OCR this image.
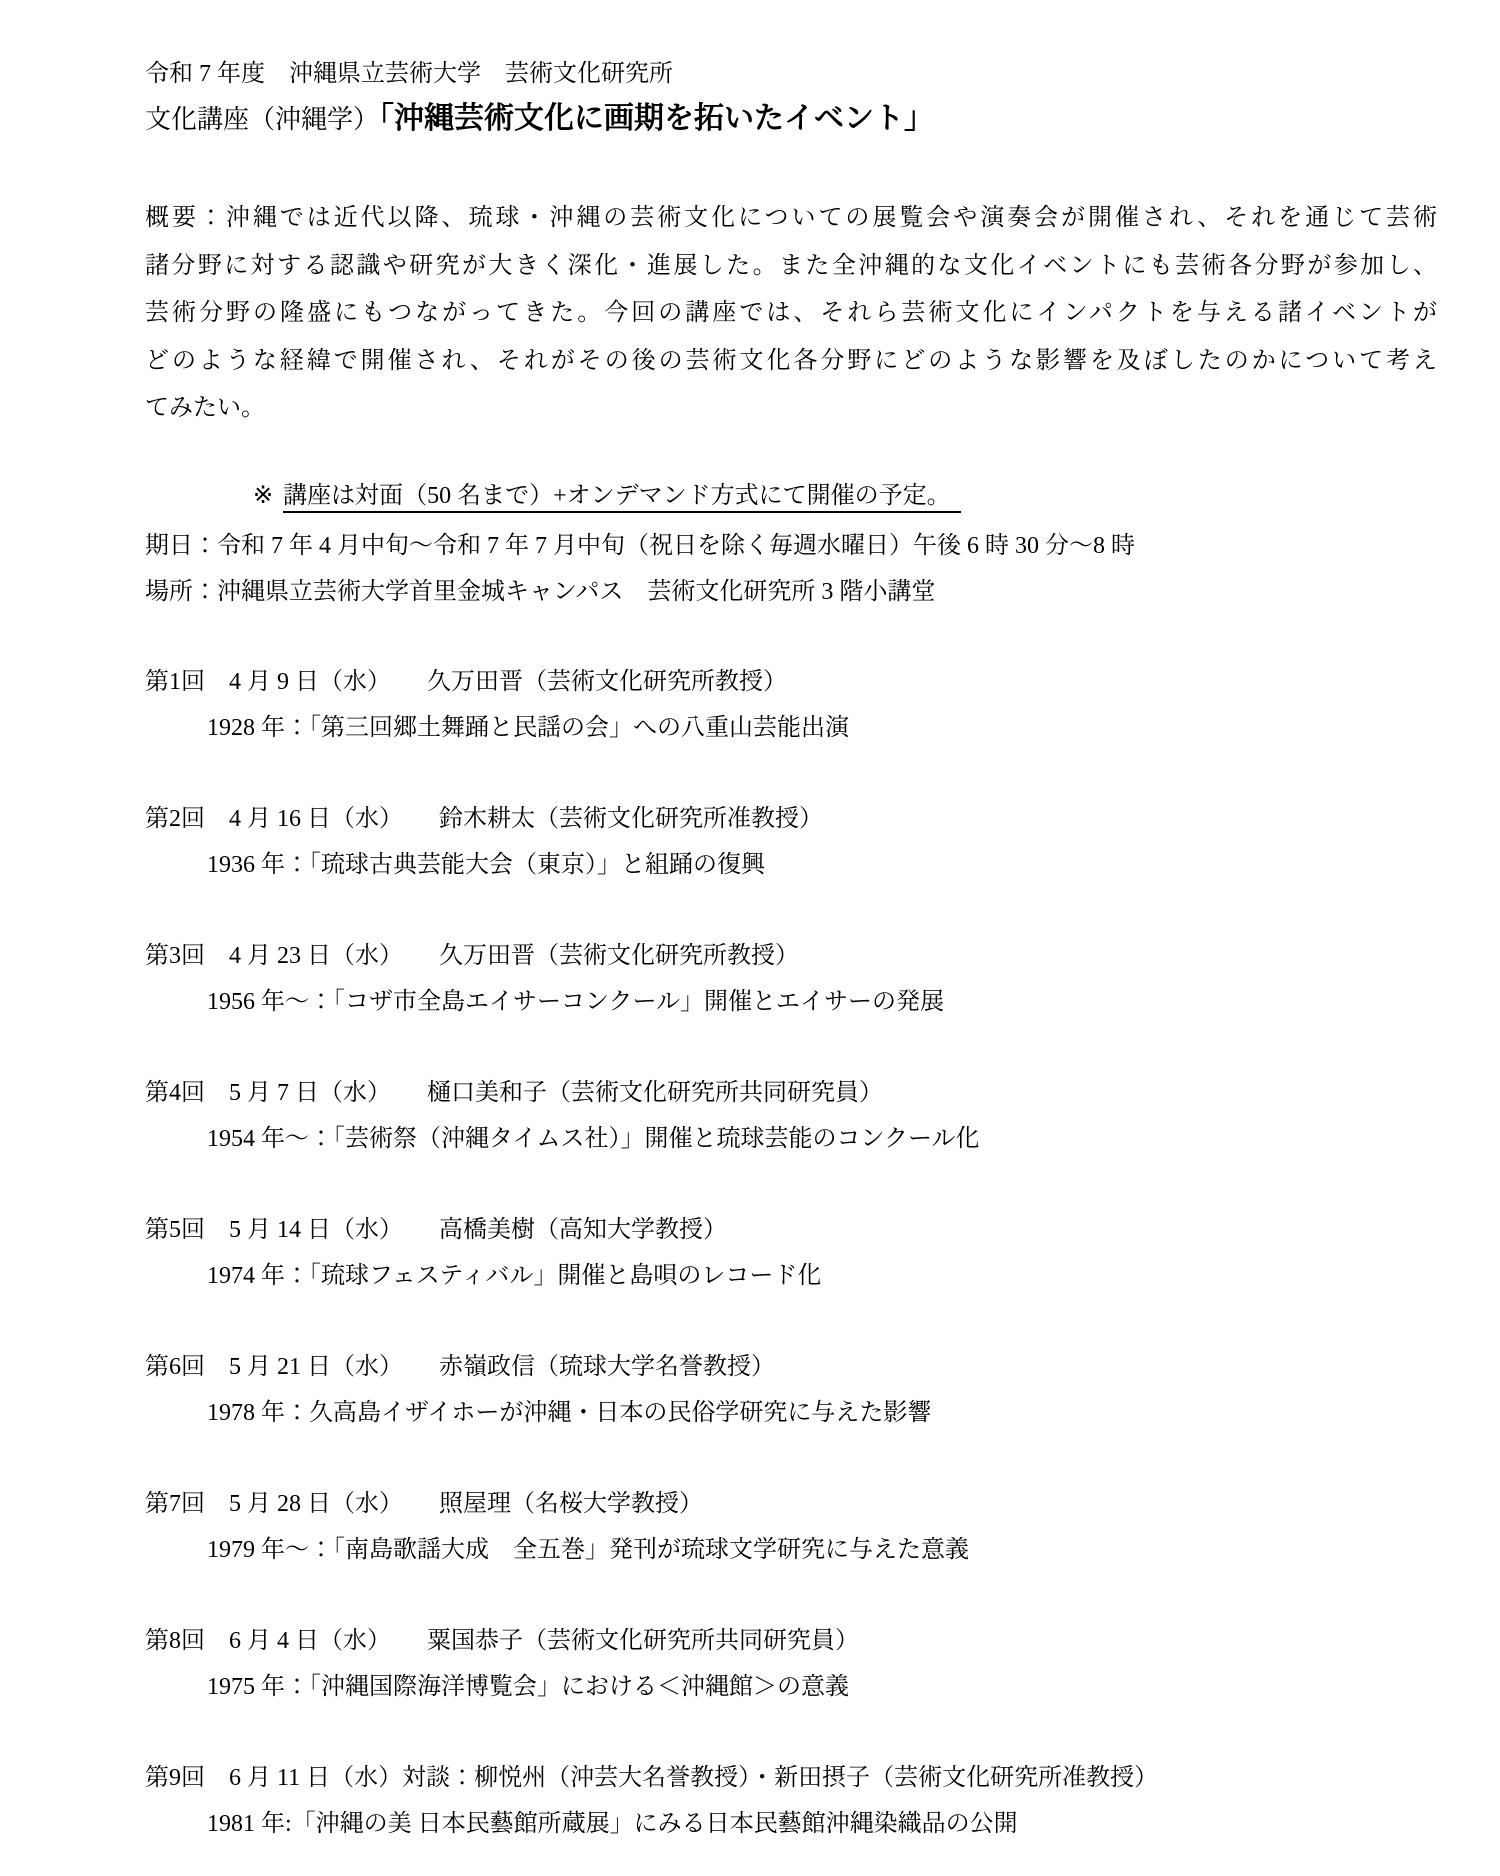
令和 7 年度　沖縄県立芸術大学　芸術文化研究所
文化講座（沖縄学）「沖縄芸術文化に画期を拓いたイベント」
概要：沖縄では近代以降、琉球・沖縄の芸術文化についての展覧会や演奏会が開催され、それを通じて芸術
諸分野に対する認識や研究が大きく深化・進展した。また全沖縄的な文化イベントにも芸術各分野が参加し、
芸術分野の隆盛にもつながってきた。今回の講座では、それら芸術文化にインパクトを与える諸イベントが
どのような経緯で開催され、それがその後の芸術文化各分野にどのような影響を及ぼしたのかについて考え
てみたい。
※ 講座は対面（50 名まで）+オンデマンド方式にて開催の予定。
期日：令和 7 年 4 月中旬～令和 7 年 7 月中旬（祝日を除く毎週水曜日）午後 6 時 30 分～8 時
場所：沖縄県立芸術大学首里金城キャンパス　芸術文化研究所 3 階小講堂
第1回　4 月 9 日（水）　　久万田晋（芸術文化研究所教授）
1928 年：「第三回郷土舞踊と民謡の会」への八重山芸能出演
第2回　4 月 16 日（水）　　鈴木耕太（芸術文化研究所准教授）
1936 年：「琉球古典芸能大会（東京）」と組踊の復興
第3回　4 月 23 日（水）　　久万田晋（芸術文化研究所教授）
1956 年～：「コザ市全島エイサーコンクール」開催とエイサーの発展
第4回　5 月 7 日（水）　　樋口美和子（芸術文化研究所共同研究員）
1954 年～：「芸術祭（沖縄タイムス社）」開催と琉球芸能のコンクール化
第5回　5 月 14 日（水）　　高橋美樹（高知大学教授）
1974 年：「琉球フェスティバル」開催と島唄のレコード化
第6回　5 月 21 日（水）　　赤嶺政信（琉球大学名誉教授）
1978 年：久高島イザイホーが沖縄・日本の民俗学研究に与えた影響
第7回　5 月 28 日（水）　　照屋理（名桜大学教授）
1979 年～：「南島歌謡大成　全五巻」発刊が琉球文学研究に与えた意義
第8回　6 月 4 日（水）　　粟国恭子（芸術文化研究所共同研究員）
1975 年：「沖縄国際海洋博覧会」における＜沖縄館＞の意義
第9回　6 月 11 日（水）対談：柳悦州（沖芸大名誉教授）・新田摂子（芸術文化研究所准教授）
1981 年:「沖縄の美 日本民藝館所蔵展」にみる日本民藝館沖縄染織品の公開
